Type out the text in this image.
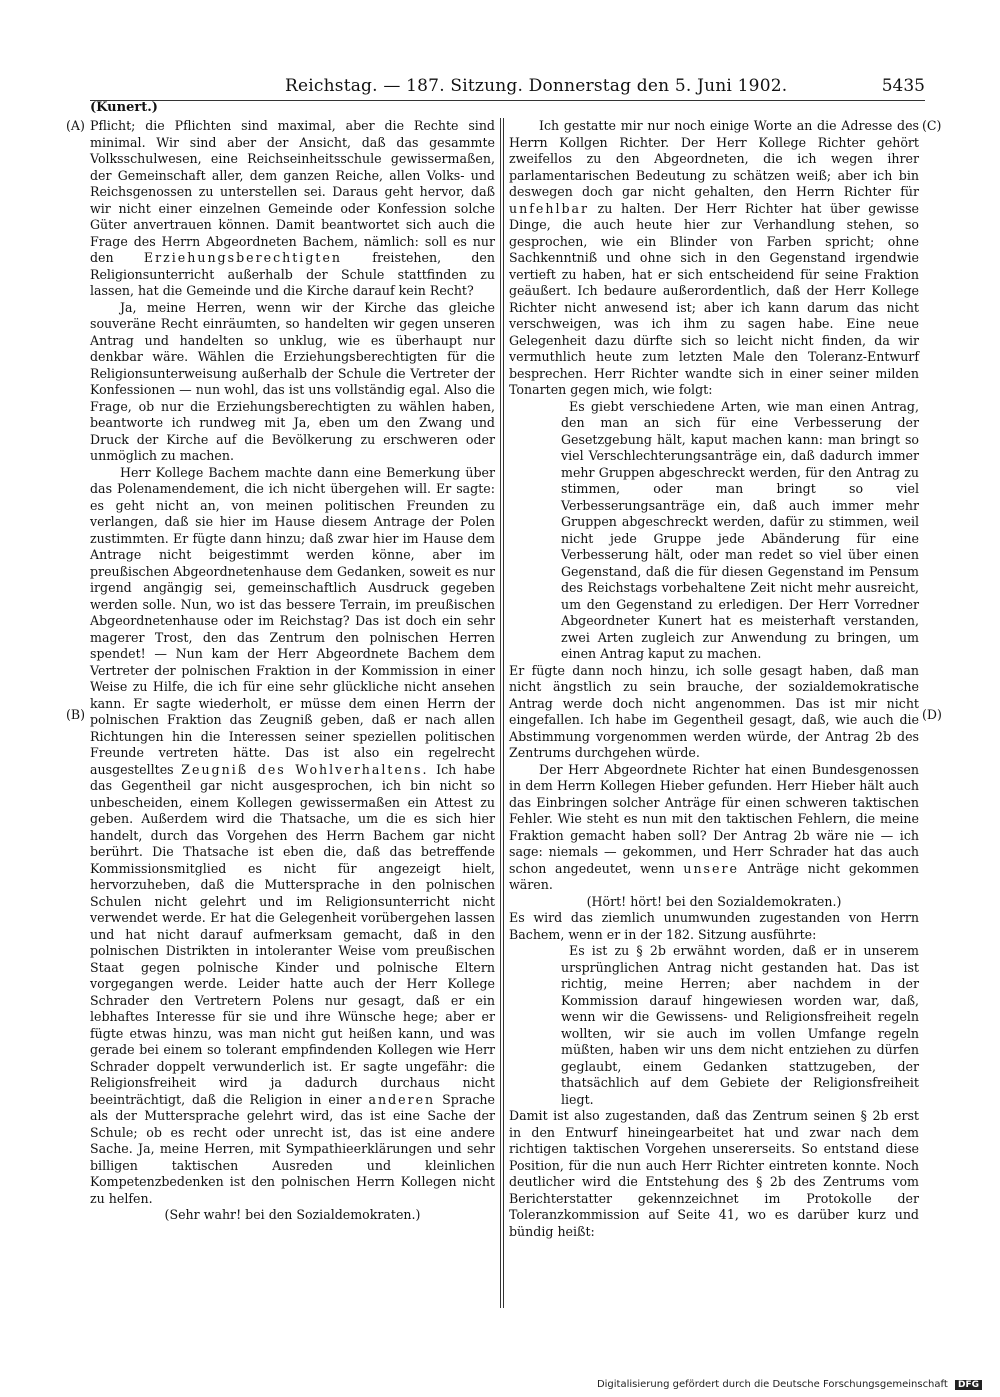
Reichstag. — 187. Sitzung. Donnerstag den 5. Juni 1902.	5435
(Kunert.)
(A)
(B)
(C)
(D)

Pflicht; die Pflichten sind maximal, aber die Rechte sind minimal. Wir sind aber der Ansicht, daß das gesammte Volksschulwesen, eine Reichseinheitsschule gewissermaßen, der Gemeinschaft aller, dem ganzen Reiche, allen Volks- und Reichsgenossen zu unterstellen sei. Daraus geht hervor, daß wir nicht einer einzelnen Gemeinde oder Konfession solche Güter anvertrauen können. Damit beantwortet sich auch die Frage des Herrn Abgeordneten Bachem, nämlich: soll es nur den Erziehungsberechtigten freistehen, den Religionsunterricht außerhalb der Schule stattfinden zu lassen, hat die Gemeinde und die Kirche darauf kein Recht?

Ja, meine Herren, wenn wir der Kirche das gleiche souveräne Recht einräumten, so handelten wir gegen unseren Antrag und handelten so unklug, wie es überhaupt nur denkbar wäre. Wählen die Erziehungsberechtigten für die Religionsunterweisung außerhalb der Schule die Vertreter der Konfessionen — nun wohl, das ist uns vollständig egal. Also die Frage, ob nur die Erziehungsberechtigten zu wählen haben, beantworte ich rundweg mit Ja, eben um den Zwang und Druck der Kirche auf die Bevölkerung zu erschweren oder unmöglich zu machen.

Herr Kollege Bachem machte dann eine Bemerkung über das Polenamendement, die ich nicht übergehen will. Er sagte: es geht nicht an, von meinen politischen Freunden zu verlangen, daß sie hier im Hause diesem Antrage der Polen zustimmten. Er fügte dann hinzu; daß zwar hier im Hause dem Antrage nicht beigestimmt werden könne, aber im preußischen Abgeordnetenhause dem Gedanken, soweit es nur irgend angängig sei, gemeinschaftlich Ausdruck gegeben werden solle. Nun, wo ist das bessere Terrain, im preußischen Abgeordnetenhause oder im Reichstag? Das ist doch ein sehr magerer Trost, den das Zentrum den polnischen Herren spendet! — Nun kam der Herr Abgeordnete Bachem dem Vertreter der polnischen Fraktion in der Kommission in einer Weise zu Hilfe, die ich für eine sehr glückliche nicht ansehen kann. Er sagte wiederholt, er müsse dem einen Herrn der polnischen Fraktion das Zeugniß geben, daß er nach allen Richtungen hin die Interessen seiner speziellen politischen Freunde vertreten hätte. Das ist also ein regelrecht ausgestelltes Zeugniß des Wohlverhaltens. Ich habe das Gegentheil gar nicht ausgesprochen, ich bin nicht so unbescheiden, einem Kollegen gewissermaßen ein Attest zu geben. Außerdem wird die Thatsache, um die es sich hier handelt, durch das Vorgehen des Herrn Bachem gar nicht berührt. Die Thatsache ist eben die, daß das betreffende Kommissionsmitglied es nicht für angezeigt hielt, hervorzuheben, daß die Muttersprache in den polnischen Schulen nicht gelehrt und im Religionsunterricht nicht verwendet werde. Er hat die Gelegenheit vorübergehen lassen und hat nicht darauf aufmerksam gemacht, daß in den polnischen Distrikten in intoleranter Weise vom preußischen Staat gegen polnische Kinder und polnische Eltern vorgegangen werde. Leider hatte auch der Herr Kollege Schrader den Vertretern Polens nur gesagt, daß er ein lebhaftes Interesse für sie und ihre Wünsche hege; aber er fügte etwas hinzu, was man nicht gut heißen kann, und was gerade bei einem so tolerant empfindenden Kollegen wie Herr Schrader doppelt verwunderlich ist. Er sagte ungefähr: die Religionsfreiheit wird ja dadurch durchaus nicht beeinträchtigt, daß die Religion in einer anderen Sprache als der Muttersprache gelehrt wird, das ist eine Sache der Schule; ob es recht oder unrecht ist, das ist eine andere Sache. Ja, meine Herren, mit Sympathieerklärungen und sehr billigen taktischen Ausreden und kleinlichen Kompetenzbedenken ist den polnischen Herrn Kollegen nicht zu helfen.

(Sehr wahr! bei den Sozialdemokraten.)

Ich gestatte mir nur noch einige Worte an die Adresse des Herrn Kollgen Richter. Der Herr Kollege Richter gehört zweifellos zu den Abgeordneten, die ich wegen ihrer parlamentarischen Bedeutung zu schätzen weiß; aber ich bin deswegen doch gar nicht gehalten, den Herrn Richter für unfehlbar zu halten. Der Herr Richter hat über gewisse Dinge, die auch heute hier zur Verhandlung stehen, so gesprochen, wie ein Blinder von Farben spricht; ohne Sachkenntniß und ohne sich in den Gegenstand irgendwie vertieft zu haben, hat er sich entscheidend für seine Fraktion geäußert. Ich bedaure außerordentlich, daß der Herr Kollege Richter nicht anwesend ist; aber ich kann darum das nicht verschweigen, was ich ihm zu sagen habe. Eine neue Gelegenheit dazu dürfte sich so leicht nicht finden, da wir vermuthlich heute zum letzten Male den Toleranz-Entwurf besprechen. Herr Richter wandte sich in einer seiner milden Tonarten gegen mich, wie folgt:

Es giebt verschiedene Arten, wie man einen Antrag, den man an sich für eine Verbesserung der Gesetzgebung hält, kaput machen kann: man bringt so viel Verschlechterungsanträge ein, daß dadurch immer mehr Gruppen abgeschreckt werden, für den Antrag zu stimmen, oder man bringt so viel Verbesserungsanträge ein, daß auch immer mehr Gruppen abgeschreckt werden, dafür zu stimmen, weil nicht jede Gruppe jede Abänderung für eine Verbesserung hält, oder man redet so viel über einen Gegenstand, daß die für diesen Gegenstand im Pensum des Reichstags vorbehaltene Zeit nicht mehr ausreicht, um den Gegenstand zu erledigen. Der Herr Vorredner Abgeordneter Kunert hat es meisterhaft verstanden, zwei Arten zugleich zur Anwendung zu bringen, um einen Antrag kaput zu machen.

Er fügte dann noch hinzu, ich solle gesagt haben, daß man nicht ängstlich zu sein brauche, der sozialdemokratische Antrag werde doch nicht angenommen. Das ist mir nicht eingefallen. Ich habe im Gegentheil gesagt, daß, wie auch die Abstimmung vorgenommen werden würde, der Antrag 2b des Zentrums durchgehen würde.

Der Herr Abgeordnete Richter hat einen Bundesgenossen in dem Herrn Kollegen Hieber gefunden. Herr Hieber hält auch das Einbringen solcher Anträge für einen schweren taktischen Fehler. Wie steht es nun mit den taktischen Fehlern, die meine Fraktion gemacht haben soll? Der Antrag 2b wäre nie — ich sage: niemals — gekommen, und Herr Schrader hat das auch schon angedeutet, wenn unsere Anträge nicht gekommen wären.

(Hört! hört! bei den Sozialdemokraten.)

Es wird das ziemlich unumwunden zugestanden von Herrn Bachem, wenn er in der 182. Sitzung ausführte:

Es ist zu § 2b erwähnt worden, daß er in unserem ursprünglichen Antrag nicht gestanden hat. Das ist richtig, meine Herren; aber nachdem in der Kommission darauf hingewiesen worden war, daß, wenn wir die Gewissens- und Religionsfreiheit regeln wollten, wir sie auch im vollen Umfange regeln müßten, haben wir uns dem nicht entziehen zu dürfen geglaubt, einem Gedanken stattzugeben, der thatsächlich auf dem Gebiete der Religionsfreiheit liegt.

Damit ist also zugestanden, daß das Zentrum seinen § 2b erst in den Entwurf hineingearbeitet hat und zwar nach dem richtigen taktischen Vorgehen unsererseits. So entstand diese Position, für die nun auch Herr Richter eintreten konnte. Noch deutlicher wird die Entstehung des § 2b des Zentrums vom Berichterstatter gekennzeichnet im Protokolle der Toleranzkommission auf Seite 41, wo es darüber kurz und bündig heißt:

Digitalisierung gefördert durch die Deutsche Forschungsgemeinschaft DFG
